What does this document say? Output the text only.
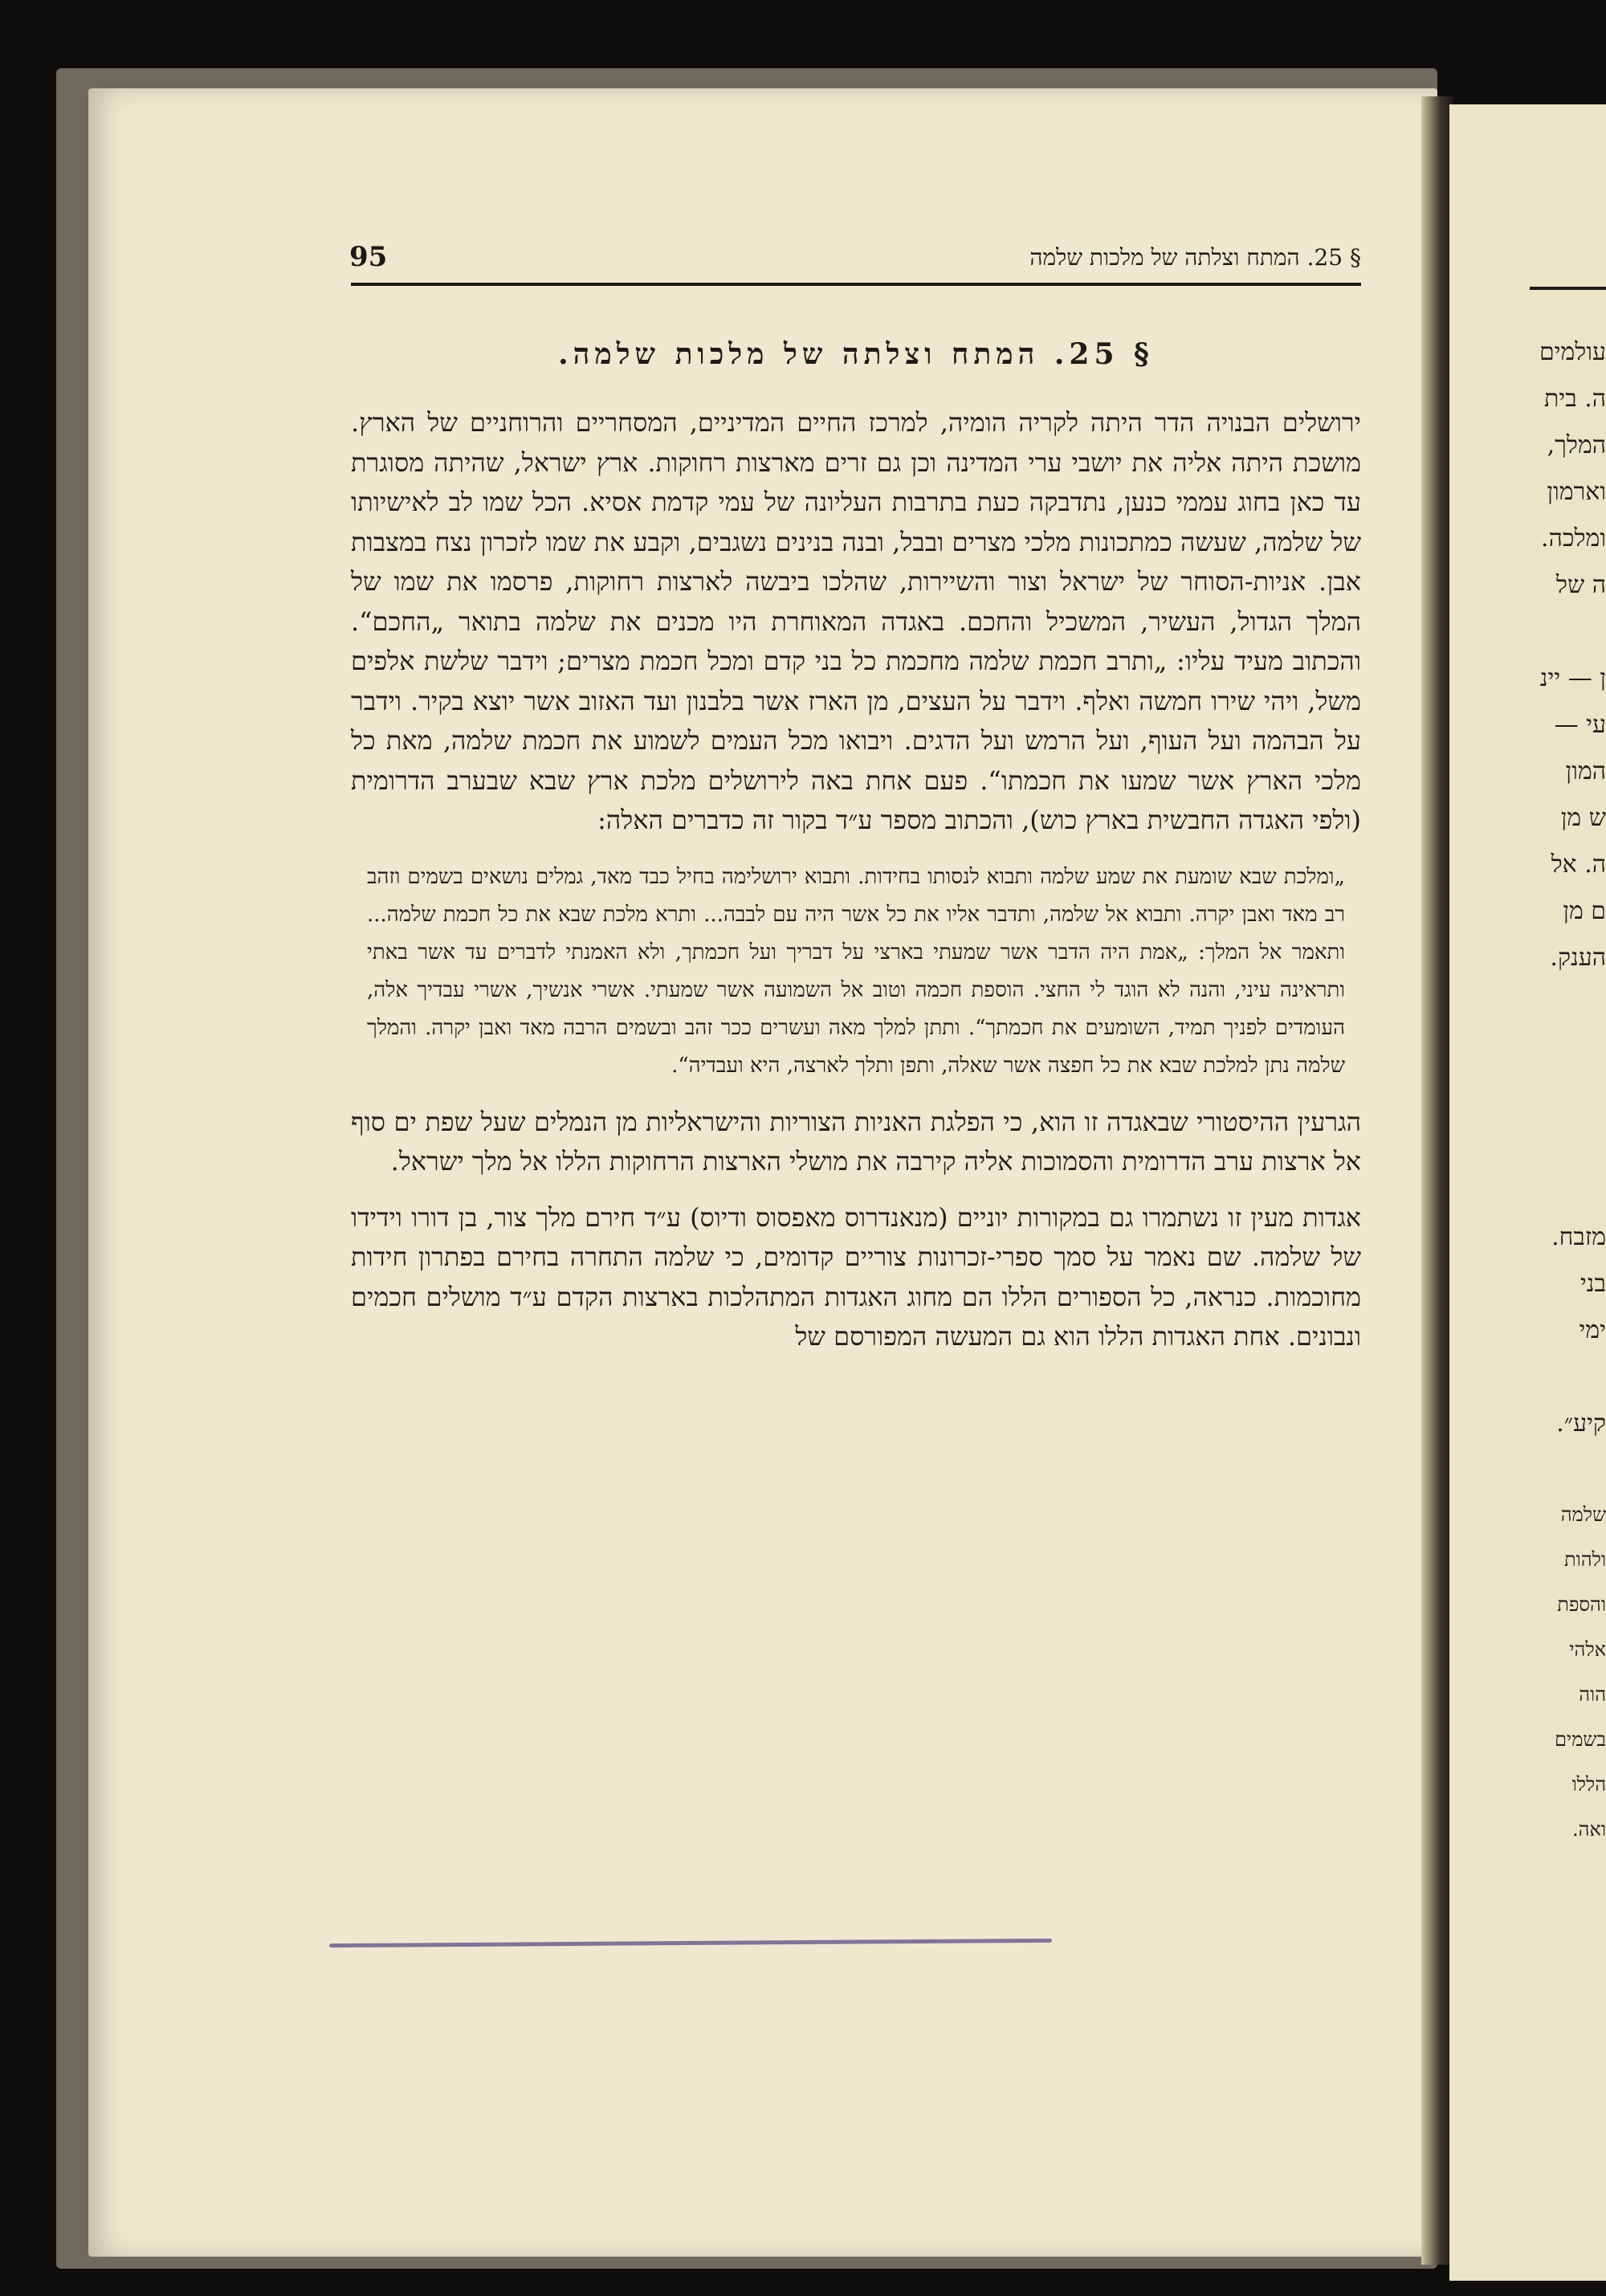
95	§ 25. המתח וצלתה של מלכות שלמה
§ 25. המתח וצלתה של מלכות שלמה.

ירושלים הבנויה הדר היתה לקריה הומיה, למרכז החיים המדיניים, המסחריים והרוחניים של הארץ. מושכת היתה אליה את יושבי ערי המדינה וכן גם זרים מארצות רחוקות. ארץ ישראל, שהיתה מסוגרת עד כאן בחוג עממי כנען, נתדבקה כעת בתרבות העליונה של עמי קדמת אסיא. הכל שמו לב לאישיותו של שלמה, שעשה כמתכונות מלכי מצרים ובבל, ובנה בנינים נשגבים, וקבע את שמו לזכרון נצח במצבות אבן. אניות-הסוחר של ישראל וצור והשיירות, שהלכו ביבשה לארצות רחוקות, פרסמו את שמו של המלך הגדול, העשיר, המשכיל והחכם. באגדה המאוחרת היו מכנים את שלמה בתואר „החכם“. והכתוב מעיד עליו: „ותרב חכמת שלמה מחכמת כל בני קדם ומכל חכמת מצרים; וידבר שלשת אלפים משל, ויהי שירו חמשה ואלף. וידבר על העצים, מן הארז אשר בלבנון ועד האזוב אשר יוצא בקיר. וידבר על הבהמה ועל העוף, ועל הרמש ועל הדגים. ויבואו מכל העמים לשמוע את חכמת שלמה, מאת כל מלכי הארץ אשר שמעו את חכמתו“. פעם אחת באה לירושלים מלכת ארץ שבא שבערב הדרומית (ולפי האגדה החבשית בארץ כוש), והכתוב מספר ע״ד בקור זה כדברים האלה:

„ומלכת שבא שומעת את שמע שלמה ותבוא לנסותו בחידות. ותבוא ירושלימה בחיל כבד מאד, גמלים נושאים בשמים וזהב רב מאד ואבן יקרה. ותבוא אל שלמה, ותדבר אליו את כל אשר היה עם לבבה... ותרא מלכת שבא את כל חכמת שלמה... ותאמר אל המלך: „אמת היה הדבר אשר שמעתי בארצי על דבריך ועל חכמתך, ולא האמנתי לדברים עד אשר באתי ותראינה עיני, והנה לא הוגד לי החצי. הוספת חכמה וטוב אל השמועה אשר שמעתי. אשרי אנשיך, אשרי עבדיך אלה, העומדים לפניך תמיד, השומעים את חכמתך“. ותתן למלך מאה ועשרים ככר זהב ובשמים הרבה מאד ואבן יקרה. והמלך שלמה נתן למלכת שבא את כל חפצה אשר שאלה, ותפן ותלך לארצה, היא ועבדיה“.

הגרעין ההיסטורי שבאגדה זו הוא, כי הפלגת האניות הצוריות והישראליות מן הנמלים שעל שפת ים סוף אל ארצות ערב הדרומית והסמוכות אליה קירבה את מושלי הארצות הרחוקות הללו אל מלך ישראל.

אגדות מעין זו נשתמרו גם במקורות יוניים (מנאנדרוס מאפסוס ודיוס) ע״ד חירם מלך צור, בן דורו וידידו של שלמה. שם נאמר על סמך ספרי-זכרונות צוריים קדומים, כי שלמה התחרה בחירם בפתרון חידות מחוכמות. כנראה, כל הספורים הללו הם מחוג האגדות המתהלכות בארצות הקדם ע״ד מושלים חכמים ונבונים. אחת האגדות הללו הוא גם המעשה המפורסם של

עולמים
ה. בית
המלך,
וארמון
ומלכה.
ה של
ן — יינ
עי —
המון
ש מן
ה. אל
ם מן
הענק.
מזבח.
בני
ימי
קיע״.
שלמה
ולהות
והספת
אלהי
הוה
בשמים
הללו
ואה.
